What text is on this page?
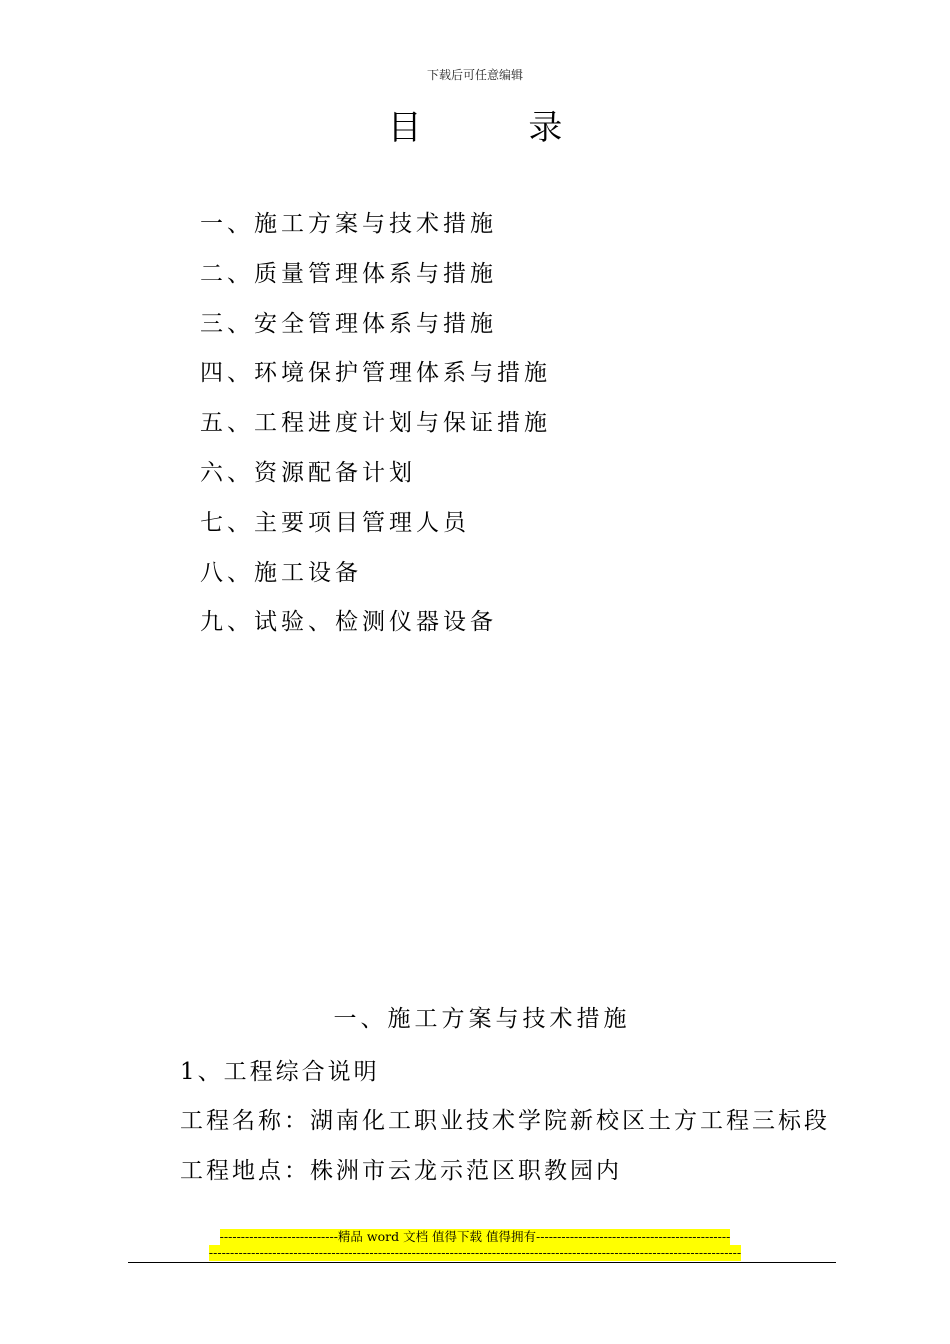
下载后可任意编辑
目 录
一、施工方案与技术措施
二、质量管理体系与措施
三、安全管理体系与措施
四、环境保护管理体系与措施
五、工程进度计划与保证措施
六、资源配备计划
七、主要项目管理人员
八、施工设备
九、试验、检测仪器设备
一、施工方案与技术措施
1、工程综合说明
工程名称：湖南化工职业技术学院新校区土方工程三标段
工程地点：株洲市云龙示范区职教园内
----------------------------精品 word 文档 值得下载 值得拥有----------------------------------------------
------------------------------------------------------------------------------------------------------------------------------
